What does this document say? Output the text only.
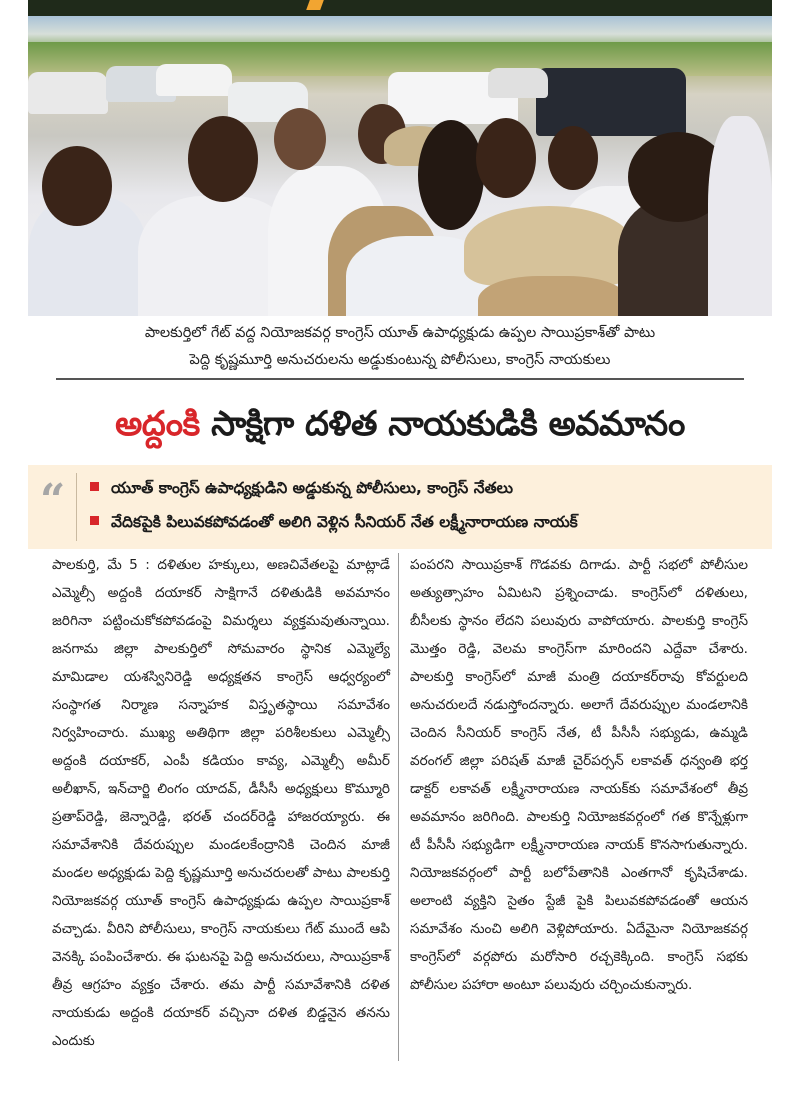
పాలకుర్తిలో గేట్ వద్ద నియోజకవర్గ కాంగ్రెస్ యూత్ ఉపాధ్యక్షుడు ఉప్పల సాయిప్రకాశ్‌తో పాటు
పెద్ది కృష్ణమూర్తి అనుచరులను అడ్డుకుంటున్న పోలీసులు, కాంగ్రెస్ నాయకులు
అద్దంకి సాక్షిగా దళిత నాయకుడికి అవమానం
“	యూత్ కాంగ్రెస్ ఉపాధ్యక్షుడిని అడ్డుకున్న పోలీసులు, కాంగ్రెస్ నేతలు
వేదికపైకి పిలువకపోవడంతో అలిగి వెళ్లిన సీనియర్ నేత లక్ష్మీనారాయణ నాయక్
పాలకుర్తి, మే 5 : దళితుల హక్కులు, అణచివేతలపై మాట్లాడే ఎమ్మెల్సీ అద్దంకి దయాకర్ సాక్షిగానే దళితుడికి అవమానం జరిగినా పట్టించుకోకపోవడంపై విమర్శలు వ్యక్తమవుతున్నాయి. జనగామ జిల్లా పాలకుర్తిలో సోమవారం స్థానిక ఎమ్మెల్యే మామిడాల యశస్వినిరెడ్డి అధ్యక్షతన కాంగ్రెస్ ఆధ్వర్యంలో సంస్థాగత నిర్మాణ సన్నాహక విస్తృతస్థాయి సమావేశం నిర్వహించారు. ముఖ్య అతిథిగా జిల్లా పరిశీలకులు ఎమ్మెల్సీ అద్దంకి దయాకర్, ఎంపీ కడియం కావ్య, ఎమ్మెల్సీ అమీర్ అలీఖాన్, ఇన్‌చార్జి లింగం యాదవ్, డీసీసీ అధ్యక్షులు కొమ్మూరి ప్రతాప్‌రెడ్డి, జెన్నారెడ్డి, భరత్ చందర్‌రెడ్డి హాజరయ్యారు. ఈ సమావేశానికి దేవరుప్పుల మండలకేంద్రానికి చెందిన మాజీ మండల అధ్యక్షుడు పెద్ది కృష్ణమూర్తి అనుచరులతో పాటు పాలకుర్తి నియోజకవర్గ యూత్ కాంగ్రెస్ ఉపాధ్యక్షుడు ఉప్పల సాయిప్రకాశ్ వచ్చాడు. వీరిని పోలీసులు, కాంగ్రెస్ నాయకులు గేట్ ముందే ఆపి వెనక్కి పంపించేశారు. ఈ ఘటనపై పెద్ది అనుచరులు, సాయిప్రకాశ్ తీవ్ర ఆగ్రహం వ్యక్తం చేశారు. తమ పార్టీ సమావేశానికి దళిత నాయకుడు అద్దంకి దయాకర్ వచ్చినా దళిత బిడ్డనైన తనను ఎందుకు
పంపరని సాయిప్రకాశ్ గొడవకు దిగాడు. పార్టీ సభలో పోలీసుల అత్యుత్సాహం ఏమిటని ప్రశ్నించాడు. కాంగ్రెస్‌లో దళితులు, బీసీలకు స్థానం లేదని పలువురు వాపోయారు. పాలకుర్తి కాంగ్రెస్ మొత్తం రెడ్డి, వెలమ కాంగ్రెస్‌గా మారిందని ఎద్దేవా చేశారు. పాలకుర్తి కాంగ్రెస్‌లో మాజీ మంత్రి దయాకర్‌రావు కోవర్టులది అనుచరులదే నడుస్తోందన్నారు. అలాగే దేవరుప్పుల మండలానికి చెందిన సీనియర్ కాంగ్రెస్ నేత, టీ పీసీసీ సభ్యుడు, ఉమ్మడి వరంగల్ జిల్లా పరిషత్ మాజీ చైర్‌పర్సన్ లకావత్ ధన్వంతి భర్త డాక్టర్ లకావత్ లక్ష్మీనారాయణ నాయక్‌కు సమావేశంలో తీవ్ర అవమానం జరిగింది. పాలకుర్తి నియోజకవర్గంలో గత కొన్నేళ్లుగా టీ పీసీసీ సభ్యుడిగా లక్ష్మీనారాయణ నాయక్ కొనసాగుతున్నారు. నియోజకవర్గంలో పార్టీ బలోపేతానికి ఎంతగానో కృషిచేశాడు. అలాంటి వ్యక్తిని సైతం స్టేజీ పైకి పిలువకపోవడంతో ఆయన సమావేశం నుంచి అలిగి వెళ్లిపోయారు. ఏదేమైనా నియోజకవర్గ కాంగ్రెస్‌లో వర్గపోరు మరోసారి రచ్చకెక్కింది. కాంగ్రెస్ సభకు పోలీసుల పహారా అంటూ పలువురు చర్చించుకున్నారు.
